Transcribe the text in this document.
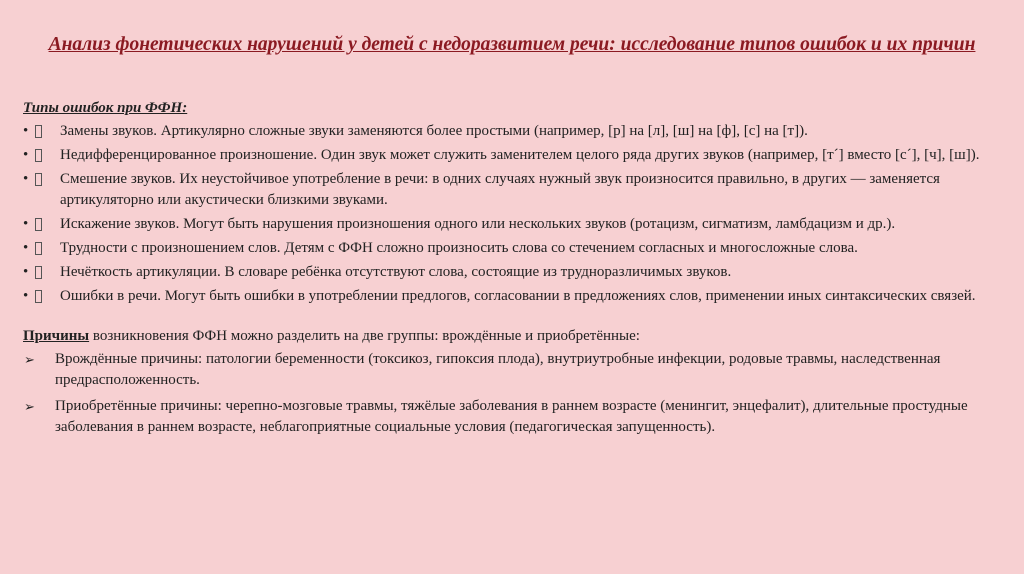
Анализ фонетических нарушений у детей с недоразвитием речи: исследование типов ошибок и их причин
Типы ошибок при ФФН:
•	Замены звуков. Артикулярно сложные звуки заменяются более простыми (например, [р] на [л], [ш] на [ф], [с] на [т]).
•	Недифференцированное произношение. Один звук может служить заменителем целого ряда других звуков (например, [т´] вместо [с´], [ч], [ш]).
•	Смешение звуков. Их неустойчивое употребление в речи: в одних случаях нужный звук произносится правильно, в других — заменяется артикуляторно или акустически близкими звуками.
•	Искажение звуков. Могут быть нарушения произношения одного или нескольких звуков (ротацизм, сигматизм, ламбдацизм и др.).
•	Трудности с произношением слов. Детям с ФФН сложно произносить слова со стечением согласных и многосложные слова.
•	Нечёткость артикуляции. В словаре ребёнка отсутствуют слова, состоящие из трудноразличимых звуков.
•	Ошибки в речи. Могут быть ошибки в употреблении предлогов, согласовании в предложениях слов, применении иных синтаксических связей.
Причины возникновения ФФН можно разделить на две группы: врождённые и приобретённые:
➢ Врождённые причины: патологии беременности (токсикоз, гипоксия плода), внутриутробные инфекции, родовые травмы, наследственная предрасположенность.
➢ Приобретённые причины: черепно-мозговые травмы, тяжёлые заболевания в раннем возрасте (менингит, энцефалит), длительные простудные заболевания в раннем возрасте, неблагоприятные социальные условия (педагогическая запущенность).
